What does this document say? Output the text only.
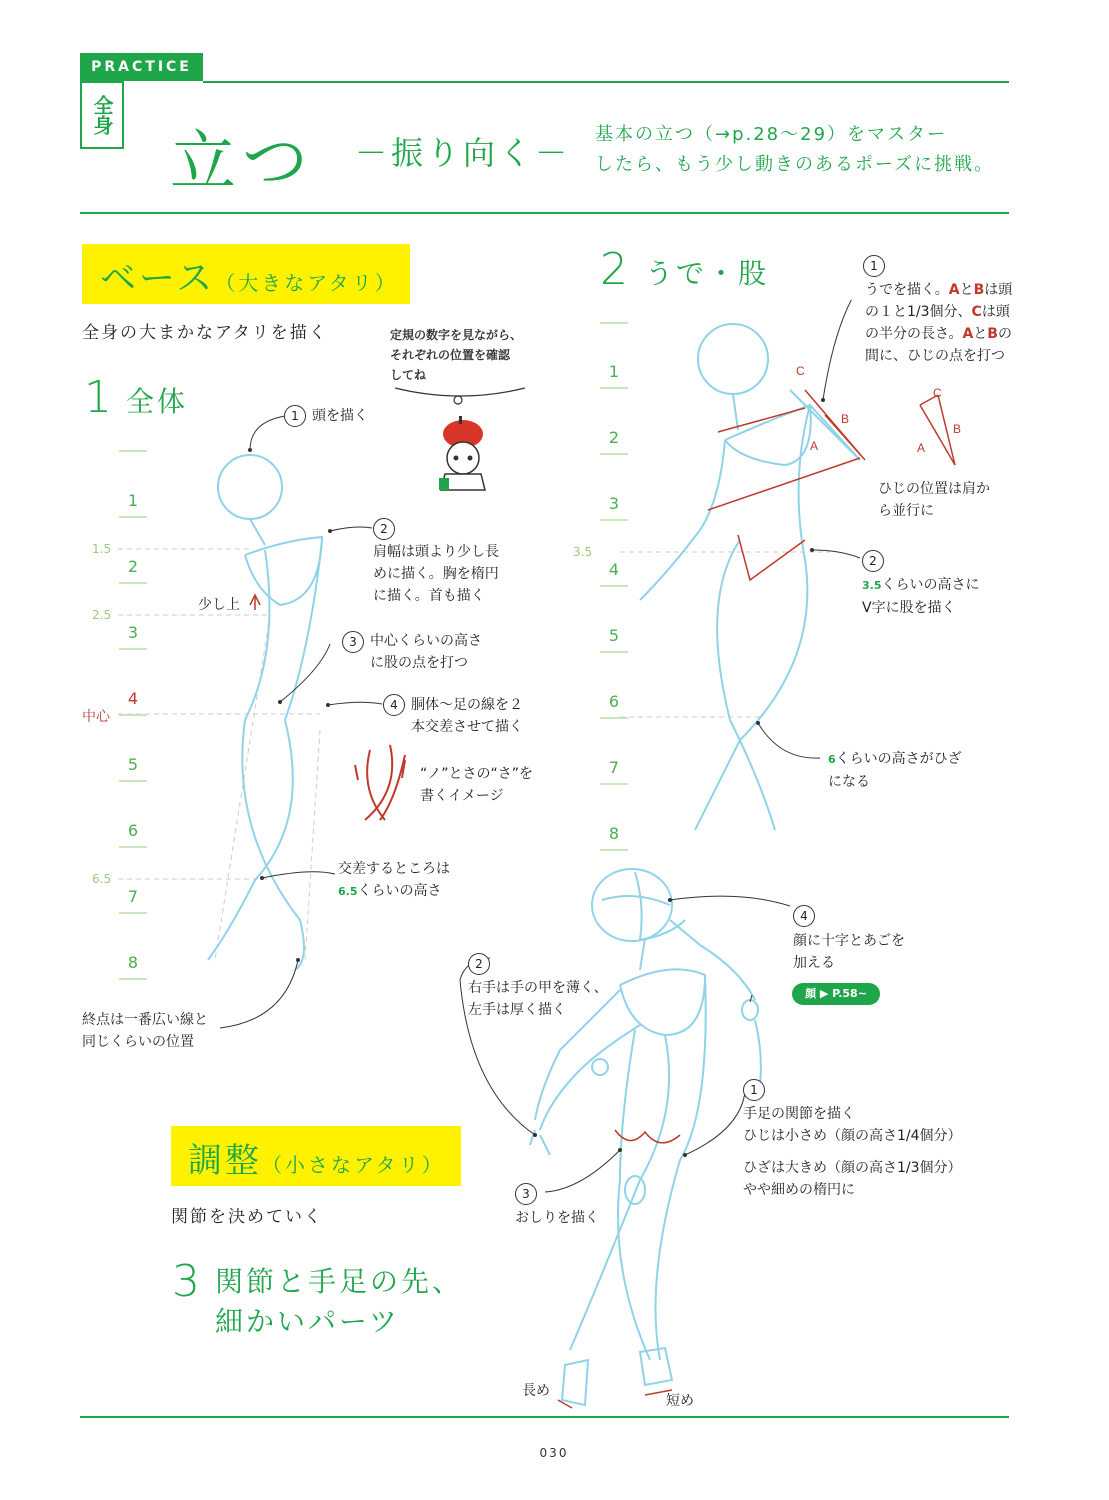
PRACTICE
全身
立つ －振り向く－ 基本の立つ（→p.28〜29）をマスター
したら、もう少し動きのあるポーズに挑戦。
ベース（大きなアタリ）
全身の大まかなアタリを描く	定規の数字を見ながら、
それぞれの位置を確認
してね
1 全体
1
2
3
4
5
6
7
8
1.5
2.5
6.5
中心
少し上
1 頭を描く
2
肩幅は頭より少し長
めに描く。胸を楕円
に描く。首も描く
3 中心くらいの高さ
に股の点を打つ
4 胴体〜足の線を２
本交差させて描く
“ノ”とさの“さ”を
書くイメージ
交差するところは
6.5くらいの高さ
終点は一番広い線と
同じくらいの位置
2 うで・股
1
2
3
4
5
6
7
8
3.5
C
B
A
C
B
A
1
うでを描く。AとBは頭
の１と1/3個分、Cは頭
の半分の長さ。AとBの
間に、ひじの点を打つ
ひじの位置は肩か
ら並行に
2
3.5くらいの高さに
V字に股を描く
6くらいの高さがひざ
になる
調整（小さなアタリ）
関節を決めていく
3 関節と手足の先、
細かいパーツ
4
顔に十字とあごを
加える
顔 ▶ P.58~
2
右手は手の甲を薄く、
左手は厚く描く
1
手足の関節を描く
ひじは小さめ（顔の高さ1/4個分）
ひざは大きめ（顔の高さ1/3個分）
やや細めの楕円に
3
おしりを描く
長め
短め
030
